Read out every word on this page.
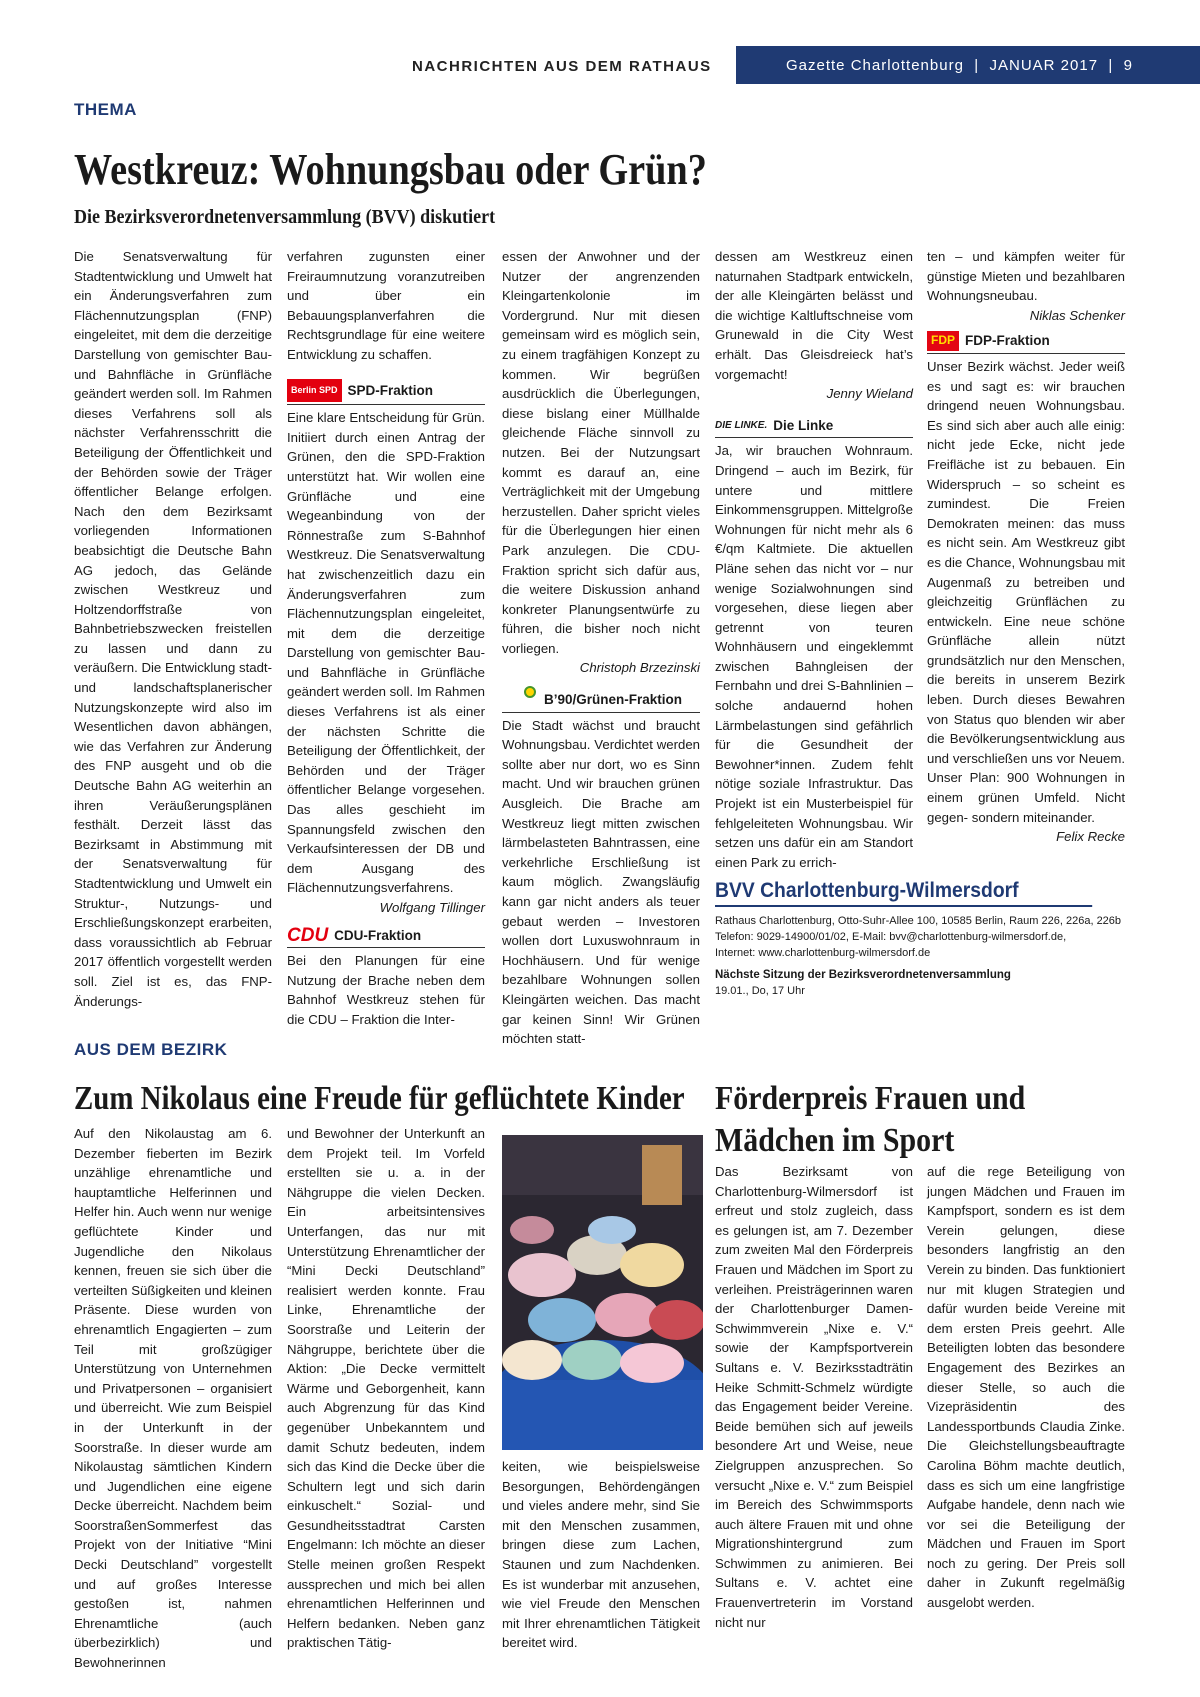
NACHRICHTEN AUS DEM RATHAUS	Gazette Charlottenburg  |  JANUAR 2017  |  9
THEMA
Westkreuz: Wohnungsbau oder Grün?
Die Bezirksverordnetenversammlung (BVV) diskutiert

Die Senatsverwaltung für Stadtentwicklung und Umwelt hat ein Änderungsverfahren zum Flächennutzungsplan (FNP) eingeleitet, mit dem die derzeitige Darstellung von gemischter Bau- und Bahnfläche in Grünfläche geändert werden soll. Im Rahmen dieses Verfahrens soll als nächster Verfahrensschritt die Beteiligung der Öffentlichkeit und der Behörden sowie der Träger öffentlicher Belange erfolgen. Nach den dem Bezirksamt vorliegenden Informationen beabsichtigt die Deutsche Bahn AG jedoch, das Gelände zwischen Westkreuz und Holtzendorffstraße von Bahnbetriebszwecken freistellen zu lassen und dann zu veräußern. Die Entwicklung stadt- und landschaftsplanerischer Nutzungskonzepte wird also im Wesentlichen davon abhängen, wie das Verfahren zur Änderung des FNP ausgeht und ob die Deutsche Bahn AG weiterhin an ihren Veräußerungsplänen festhält. Derzeit lässt das Bezirksamt in Abstimmung mit der Senatsverwaltung für Stadtentwicklung und Umwelt ein Struktur-, Nutzungs- und Erschließungskonzept erarbeiten, dass voraussichtlich ab Februar 2017 öffentlich vorgestellt werden soll. Ziel ist es, das FNP-Änderungs-

verfahren zugunsten einer Freiraumnutzung voranzutreiben und über ein Bebauungsplanverfahren die Rechtsgrundlage für eine weitere Entwicklung zu schaffen.

Berlin SPD SPD-Fraktion

Eine klare Entscheidung für Grün. Initiiert durch einen Antrag der Grünen, den die SPD-Fraktion unterstützt hat. Wir wollen eine Grünfläche und eine Wegeanbindung von der Rönnestraße zum S-Bahnhof Westkreuz. Die Senatsverwaltung hat zwischenzeitlich dazu ein Änderungsverfahren zum Flächennutzungsplan eingeleitet, mit dem die derzeitige Darstellung von gemischter Bau- und Bahnfläche in Grünfläche geändert werden soll. Im Rahmen dieses Verfahrens ist als einer der nächsten Schritte die Beteiligung der Öffentlichkeit, der Behörden und der Träger öffentlicher Belange vorgesehen. Das alles geschieht im Spannungsfeld zwischen den Verkaufsinteressen der DB und dem Ausgang des Flächennutzungsverfahrens.

Wolfgang Tillinger

CDU CDU-Fraktion

Bei den Planungen für eine Nutzung der Brache neben dem Bahnhof Westkreuz stehen für die CDU – Fraktion die Inter-

essen der Anwohner und der Nutzer der angrenzenden Kleingartenkolonie im Vordergrund. Nur mit diesen gemeinsam wird es möglich sein, zu einem tragfähigen Konzept zu kommen. Wir begrüßen ausdrücklich die Überlegungen, diese bislang einer Müllhalde gleichende Fläche sinnvoll zu nutzen. Bei der Nutzungsart kommt es darauf an, eine Verträglichkeit mit der Umgebung herzustellen. Daher spricht vieles für die Überlegungen hier einen Park anzulegen. Die CDU-Fraktion spricht sich dafür aus, die weitere Diskussion anhand konkreter Planungsentwürfe zu führen, die bisher noch nicht vorliegen.

Christoph Brzezinski

B’90/Grünen-Fraktion

Die Stadt wächst und braucht Wohnungsbau. Verdichtet werden sollte aber nur dort, wo es Sinn macht. Und wir brauchen grünen Ausgleich. Die Brache am Westkreuz liegt mitten zwischen lärmbelasteten Bahntrassen, eine verkehrliche Erschließung ist kaum möglich. Zwangsläufig kann gar nicht anders als teuer gebaut werden – Investoren wollen dort Luxuswohnraum in Hochhäusern. Und für wenige bezahlbare Wohnungen sollen Kleingärten weichen. Das macht gar keinen Sinn! Wir Grünen möchten statt-

dessen am Westkreuz einen naturnahen Stadtpark entwickeln, der alle Kleingärten belässt und die wichtige Kaltluftschneise vom Grunewald in die City West erhält. Das Gleisdreieck hat’s vorgemacht!

Jenny Wieland

DIE LINKE. Die Linke

Ja, wir brauchen Wohnraum. Dringend – auch im Bezirk, für untere und mittlere Einkommensgruppen. Mittelgroße Wohnungen für nicht mehr als 6 €/qm Kaltmiete. Die aktuellen Pläne sehen das nicht vor – nur wenige Sozialwohnungen sind vorgesehen, diese liegen aber getrennt von teuren Wohnhäusern und eingeklemmt zwischen Bahngleisen der Fernbahn und drei S-Bahnlinien – solche andauernd hohen Lärmbelastungen sind gefährlich für die Gesundheit der Bewohner*innen. Zudem fehlt nötige soziale Infrastruktur. Das Projekt ist ein Musterbeispiel für fehlgeleiteten Wohnungsbau. Wir setzen uns dafür ein am Standort einen Park zu errich-

ten – und kämpfen weiter für günstige Mieten und bezahlbaren Wohnungsneubau.

Niklas Schenker

FDP FDP-Fraktion

Unser Bezirk wächst. Jeder weiß es und sagt es: wir brauchen dringend neuen Wohnungsbau. Es sind sich aber auch alle einig: nicht jede Ecke, nicht jede Freifläche ist zu bebauen. Ein Widerspruch – so scheint es zumindest. Die Freien Demokraten meinen: das muss es nicht sein. Am Westkreuz gibt es die Chance, Wohnungsbau mit Augenmaß zu betreiben und gleichzeitig Grünflächen zu entwickeln. Eine neue schöne Grünfläche allein nützt grundsätzlich nur den Menschen, die bereits in unserem Bezirk leben. Durch dieses Bewahren von Status quo blenden wir aber die Bevölkerungsentwicklung aus und verschließen uns vor Neuem. Unser Plan: 900 Wohnungen in einem grünen Umfeld. Nicht gegen- sondern miteinander.

Felix Recke

BVV Charlottenburg-Wilmersdorf
Rathaus Charlottenburg, Otto-Suhr-Allee 100, 10585 Berlin, Raum 226, 226a, 226b
Telefon: 9029-14900/01/02, E-Mail: bvv@charlottenburg-wilmersdorf.de,
Internet: www.charlottenburg-wilmersdorf.de
Nächste Sitzung der Bezirksverordnetenversammlung
19.01., Do, 17 Uhr
AUS DEM BEZIRK
Zum Nikolaus eine Freude für geflüchtete Kinder

Auf den Nikolaustag am 6. Dezember fieberten im Bezirk unzählige ehrenamtliche und hauptamtliche Helferinnen und Helfer hin. Auch wenn nur wenige geflüchtete Kinder und Jugendliche den Nikolaus kennen, freuen sie sich über die verteilten Süßigkeiten und kleinen Präsente. Diese wurden von ehrenamtlich Engagierten – zum Teil mit großzügiger Unterstützung von Unternehmen und Privatpersonen – organisiert und überreicht. Wie zum Beispiel in der Unterkunft in der Soorstraße. In dieser wurde am Nikolaustag sämtlichen Kindern und Jugendlichen eine eigene Decke überreicht. Nachdem beim SoorstraßenSommerfest das Projekt von der Initiative “Mini Decki Deutschland” vorgestellt und auf großes Interesse gestoßen ist, nahmen Ehrenamtliche (auch überbezirklich) und Bewohnerinnen

und Bewohner der Unterkunft an dem Projekt teil. Im Vorfeld erstellten sie u. a. in der Nähgruppe die vielen Decken. Ein arbeitsintensives Unterfangen, das nur mit Unterstützung Ehrenamtlicher der “Mini Decki Deutschland” realisiert werden konnte. Frau Linke, Ehrenamtliche der Soorstraße und Leiterin der Nähgruppe, berichtete über die Aktion: „Die Decke vermittelt Wärme und Geborgenheit, kann auch Abgrenzung für das Kind gegenüber Unbekanntem und damit Schutz bedeuten, indem sich das Kind die Decke über die Schultern legt und sich darin einkuschelt.“ Sozial- und Gesundheitsstadtrat Carsten Engelmann: Ich möchte an dieser Stelle meinen großen Respekt aussprechen und mich bei allen ehrenamtlichen Helferinnen und Helfern bedanken. Neben ganz praktischen Tätig-

keiten, wie beispielsweise Besorgungen, Behördengängen und vieles andere mehr, sind Sie mit den Menschen zusammen, bringen diese zum Lachen, Staunen und zum Nachdenken. Es ist wunderbar mit anzusehen, wie viel Freude den Menschen mit Ihrer ehrenamtlichen Tätigkeit bereitet wird.

Förderpreis Frauen und Mädchen im Sport

Das Bezirksamt von Charlottenburg-Wilmersdorf ist erfreut und stolz zugleich, dass es gelungen ist, am 7. Dezember zum zweiten Mal den Förderpreis Frauen und Mädchen im Sport zu verleihen. Preisträgerinnen waren der Charlottenburger Damen-Schwimmverein „Nixe e. V.“ sowie der Kampfsportverein Sultans e. V. Bezirksstadträtin Heike Schmitt-Schmelz würdigte das Engagement beider Vereine. Beide bemühen sich auf jeweils besondere Art und Weise, neue Zielgruppen anzusprechen. So versucht „Nixe e. V.“ zum Beispiel im Bereich des Schwimmsports auch ältere Frauen mit und ohne Migrationshintergrund zum Schwimmen zu animieren. Bei Sultans e. V. achtet eine Frauenvertreterin im Vorstand nicht nur

auf die rege Beteiligung von jungen Mädchen und Frauen im Kampfsport, sondern es ist dem Verein gelungen, diese besonders langfristig an den Verein zu binden. Das funktioniert nur mit klugen Strategien und dafür wurden beide Vereine mit dem ersten Preis geehrt. Alle Beteiligten lobten das besondere Engagement des Bezirkes an dieser Stelle, so auch die Vizepräsidentin des Landessportbunds Claudia Zinke. Die Gleichstellungsbeauftragte Carolina Böhm machte deutlich, dass es sich um eine langfristige Aufgabe handele, denn nach wie vor sei die Beteiligung der Mädchen und Frauen im Sport noch zu gering. Der Preis soll daher in Zukunft regelmäßig ausgelobt werden.
